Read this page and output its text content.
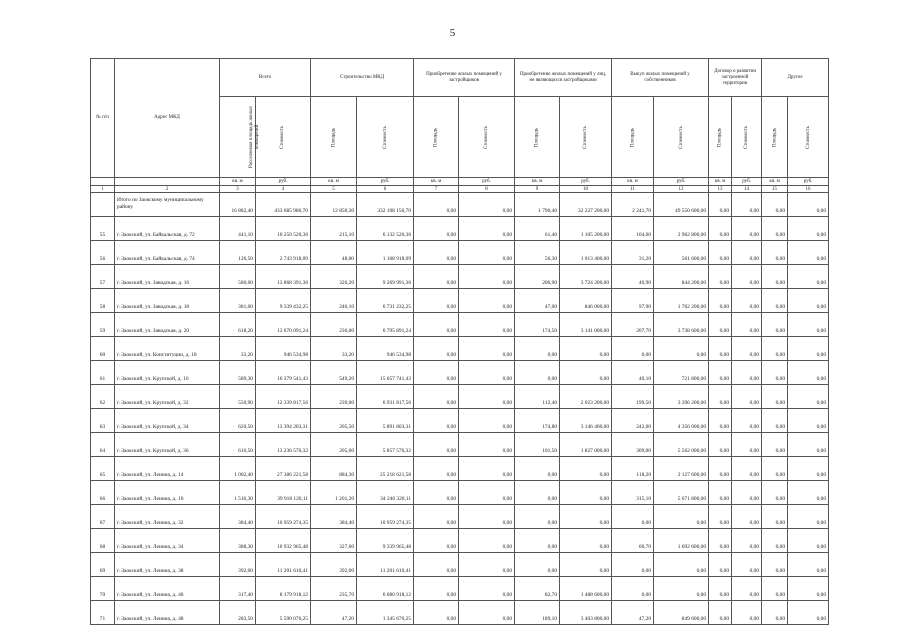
5
№ п/п	Адрес МКД	Всего		Строительство МКД		Приобретение жилых помещений у застройщиков		Приобретение жилых помещений у лиц, не являющихся застройщиками		Выкуп жилых помещений у собственников		Договор о развитии застроенной территории		Другое	
		Расселяемая площадь жилых помещений	Стоимость	Площадь	Стоимость	Площадь	Стоимость	Площадь	Стоимость	Площадь	Стоимость	Площадь	Стоимость	Площадь	Стоимость
		кв. м	руб.	кв. м	руб.	кв. м	руб.	кв. м	руб.	кв. м	руб.	кв. м	руб.	кв. м	руб.
1	2	3	4	5	6	7	8	9	10	11	12	13	14	15	16
	Итого по Заокскому муниципальному району	16 882,40	433 685 986,70	12 850,30	332 108 156,70	0,00	0,00	1 790,40	32 227 200,00	2 241,70	49 550 600,00	0,00	0,00	0,00	0,00
55	г. Заокский, ул. Байкальская, д. 72	441,10	10 250 520,36	215,10	6 132 520,36	0,00	0,00	61,40	1 105 200,00	164,60	2 962 800,00	0,00	0,00	0,00	0,00
56	г. Заокский, ул. Байкальская, д. 74	126,50	2 743 918,09	48,00	1 168 918,09	0,00	0,00	56,30	1 013 400,00	31,20	561 600,00	0,00	0,00	0,00	0,00
57	г. Заокский, ул. Заводская, д. 16	580,00	13 868 391,36	326,20	9 269 991,36	0,00	0,00	206,90	3 724 200,00	46,90	844 200,00	0,00	0,00	0,00	0,00
58	г. Заокский, ул. Заводская, д. 18	381,00	9 339 432,25	246,10	6 731 232,25	0,00	0,00	47,00	846 000,00	97,90	1 762 200,00	0,00	0,00	0,00	0,00
59	г. Заокский, ул. Заводская, д. 20	618,20	13 670 091,24	236,00	6 795 891,24	0,00	0,00	174,50	3 141 000,00	207,70	3 738 600,00	0,00	0,00	0,00	0,00
60	г. Заокский, ул. Конституции, д. 18	33,20	946 534,98	33,20	946 534,98	0,00	0,00	0,00	0,00	0,00	0,00	0,00	0,00	0,00	0,00
61	г. Заокский, ул. Крупской, д. 16	589,30	16 379 541,43	549,20	15 657 741,43	0,00	0,00	0,00	0,00	40,10	721 800,00	0,00	0,00	0,00	0,00
62	г. Заокский, ул. Крупской, д. 32	550,90	12 339 817,56	239,00	6 931 817,56	0,00	0,00	112,40	2 023 200,00	199,50	3 396 200,00	0,00	0,00	0,00	0,00
63	г. Заокский, ул. Крупской, д. 34	620,50	13 394 203,31	205,50	5 891 803,31	0,00	0,00	174,80	3 146 400,00	242,00	4 356 000,00	0,00	0,00	0,00	0,00
64	г. Заокский, ул. Крупской, д. 36	616,50	13 236 576,32	205,60	5 857 576,32	0,00	0,00	101,50	1 827 000,00	309,00	5 562 000,00	0,00	0,00	0,00	0,00
65	г. Заокский, ул. Ленина, д. 14	1 002,40	27 386 221,58	884,30	25 218 621,58	0,00	0,00	0,00	0,00	118,20	2 127 600,00	0,00	0,00	0,00	0,00
66	г. Заокский, ул. Ленина, д. 16	1 516,30	39 918 120,11	1 201,20	34 246 320,11	0,00	0,00	0,00	0,00	315,10	5 671 800,00	0,00	0,00	0,00	0,00
67	г. Заокский, ул. Ленина, д. 32	384,40	10 959 274,35	384,40	10 959 274,35	0,00	0,00	0,00	0,00	0,00	0,00	0,00	0,00	0,00	0,00
68	г. Заокский, ул. Ленина, д. 34	388,30	10 932 965,48	327,60	9 339 965,48	0,00	0,00	0,00	0,00	60,70	1 692 600,00	0,00	0,00	0,00	0,00
69	г. Заокский, ул. Ленина, д. 38	392,00	11 201 610,41	392,00	11 201 610,41	0,00	0,00	0,00	0,00	0,00	0,00	0,00	0,00	0,00	0,00
70	г. Заокский, ул. Ленина, д. 46	317,40	8 179 918,12	235,70	6 680 918,12	0,00	0,00	82,70	1 488 600,00	0,00	0,00	0,00	0,00	0,00	0,00
71	г. Заокский, ул. Ленина, д. 48	283,50	5 590 076,25	47,20	1 345 676,25	0,00	0,00	189,10	3 403 800,00	47,20	849 600,00	0,00	0,00	0,00	0,00
